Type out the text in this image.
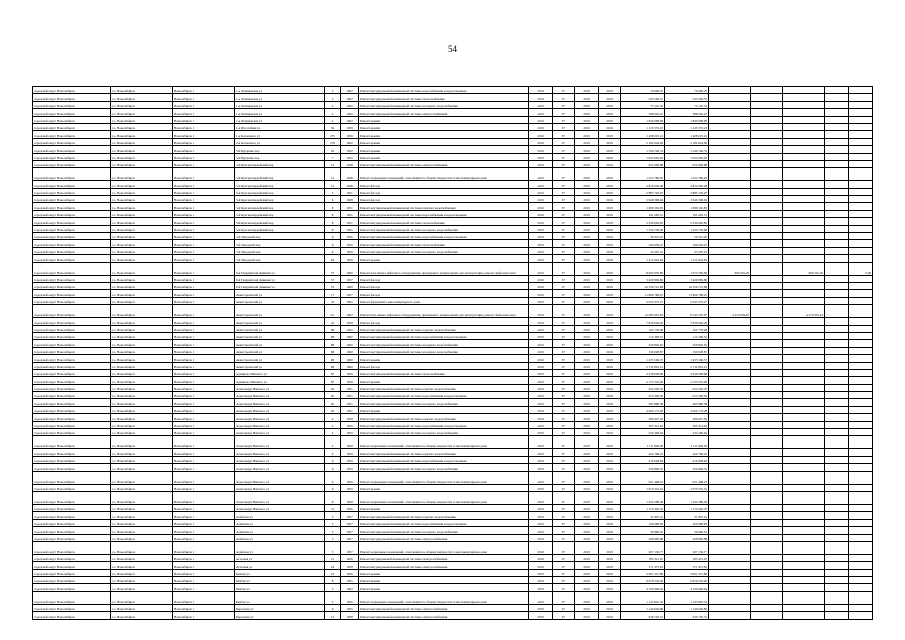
54
городской округ Новосибирск	г.о. Новосибирск	Новосибирск г	1-я Огниковская ул	2	1962	Ремонт внутридомовой инженерной системы водоснабжения и водоотведения	2019	6*	2019	2019	76 090,25	76 090,25					
городской округ Новосибирск	г.о. Новосибирск	Новосибирск г	1-я Огниковская ул	2	1962	Ремонт внутридомовой инженерной системы теплоснабжения	2019	6*	2019	2019	533 584,37	533 584,37					
городской округ Новосибирск	г.о. Новосибирск	Новосибирск г	1-я Огниковская ул	2	1962	Ремонт внутридомовой инженерной системы холодного водоснабжения	2019	6*	2019	2019	73 125,34	73 125,34					
городской округ Новосибирск	г.о. Новосибирск	Новосибирск г	1-я Огниковская ул	2	1962	Ремонт внутридомовой инженерной системы электроснабжения	2019	6*	2019	2019	388 602,47	388 602,47					
городской округ Новосибирск	г.о. Новосибирск	Новосибирск г	1-я Огниковская ул	2	1962	Ремонт крыши	2019	6*	2019	2019	1 840 698,99	1 840 698,99					
городской округ Новосибирск	г.о. Новосибирск	Новосибирск г	1-я Шоссейная ул	36	1959	Ремонт крыши	2019	6*	2019	2019	1 123 555,23	1 123 555,23					
городской округ Новосибирск	г.о. Новосибирск	Новосибирск г	1-я Котовского ул	275	1956	Ремонт крыши	2019	6*	2019	2019	1 408 025,41	1 408 025,41					
городской округ Новосибирск	г.о. Новосибирск	Новосибирск г	2-я Котовского ул	278	1962	Ремонт крыши	2019	6*	2019	2019	2 182 624,00	2 182 624,00					
городской округ Новосибирск	г.о. Новосибирск	Новосибирск г	3-й Бурденко пер	26	1952	Ремонт крыши	2019	6*	2019	2019	1 540 746,74	1 540 746,74					
городской округ Новосибирск	г.о. Новосибирск	Новосибирск г	3-й Бурденко пер	7	1952	Ремонт крыши	2019	6*	2019	2019	1 622 665,93	1 622 665,93					
городской округ Новосибирск	г.о. Новосибирск	Новосибирск г	3-й Красногвардейский пер	12	1948	Ремонт внутридомовой инженерной системы электроснабжения	2019	6*	2019	2019	652 969,88	652 969,88					
городской округ Новосибирск	г.о. Новосибирск	Новосибирск г	3-й Красногвардейский пер	12	1948	Ремонт подвальных помещений, относящихся к общему имуществу в многоквартирном доме	2019	6*	2019	2019	1 223 786,95	1 223 786,95					
городской округ Новосибирск	г.о. Новосибирск	Новосибирск г	3-й Красногвардейский пер	12	1948	Ремонт фасада	2019	6*	2019	2019	4 814 950,48	4 814 950,48					
городской округ Новосибирск	г.о. Новосибирск	Новосибирск г	3-й Красногвардейский пер	5	1951	Ремонт фасада	2019	6*	2019	2019	2 885 726,07	2 885 726,07					
городской округ Новосибирск	г.о. Новосибирск	Новосибирск г	3-й Красногвардейский пер	6	1948	Ремонт фасада	2019	6*	2019	2019	2 949 368,94	2 949 368,94					
городской округ Новосибирск	г.о. Новосибирск	Новосибирск г	3-й Красногвардейский пер	8	1951	Ремонт внутридомовой инженерной системы горячего водоснабжения	2019	6*	2019	2019	1 686 592,85	1 686 592,85					
городской округ Новосибирск	г.о. Новосибирск	Новосибирск г	3-й Красногвардейский пер	8	1951	Ремонт внутридомовой инженерной системы водоснабжения и водоотведения	2019	6*	2019	2019	191 665,51	191 665,51					
городской округ Новосибирск	г.о. Новосибирск	Новосибирск г	3-й Красногвардейский пер	8	1951	Ремонт внутридомовой инженерной системы теплоснабжения	2019	6*	2019	2019	2 236 092,85	2 236 092,85					
городской округ Новосибирск	г.о. Новосибирск	Новосибирск г	3-й Красногвардейский пер	8	1951	Ремонт внутридомовой инженерной системы холодного водоснабжения	2019	6*	2019	2019	1 234 739,90	1 234 739,90					
городской округ Новосибирск	г.о. Новосибирск	Новосибирск г	3-й Заводской пер	6	1956	Ремонт внутридомовой инженерной системы водоснабжения и водоотведения	2019	6*	2019	2019	59 321,45	59 321,45					
городской округ Новосибирск	г.о. Новосибирск	Новосибирск г	3-й Заводской пер	6	1956	Ремонт внутридомовой инженерной системы теплоснабжения	2019	6*	2019	2019	196 056,47	196 056,47					
городской округ Новосибирск	г.о. Новосибирск	Новосибирск г	3-й Заводской пер	6	1956	Ремонт внутридомовой инженерной системы холодного водоснабжения	2019	6*	2019	2019	43 397,41	43 397,41					
городской округ Новосибирск	г.о. Новосибирск	Новосибирск г	3-й Заводской пер	94	1959	Ремонт крыши	2019	6*	2019	2019	1 312 924,94	1 312 924,94					
городской округ Новосибирск	г.о. Новосибирск	Новосибирск г	9-й Гвардейской Дивизии ул	37	1960	Ремонт или замена лифтового оборудования, признанного непригодным для эксплуатации, ремонт лифтовых шахт	2019	6*	2019	2019	8 062 955,80	1 973 784,60	966 591,20		966 591,20		0,00
городской округ Новосибирск	г.о. Новосибирск	Новосибирск г	9-й Гвардейской Дивизии ул	37	1957	Ремонт фасада	2019	6*	2019	2019	3 409 899,80	3 409 899,80					
городской округ Новосибирск	г.о. Новосибирск	Новосибирск г	9-й Гвардейской Дивизии ул	53	1960	Ремонт фасада	2019	6*	2019	2019	16 356 721,68	16 356 721,68					
городской округ Новосибирск	г.о. Новосибирск	Новосибирск г	Авиастроителей ул	17	1957	Ремонт фасада	2019	6*	2019	2019	11 866 780,25	11 866 780,25					
городской округ Новосибирск	г.о. Новосибирск	Новосибирск г	Авиастроителей ул	3а	1962	Ремонт фундамента многоквартирного дома	2019	6*	2019	2019	2 635 373,27	2 635 373,27					
городской округ Новосибирск	г.о. Новосибирск	Новосибирск г	Авиастроителей ул	2/1	1962	Ремонт или замена лифтового оборудования, признанного непригодным для эксплуатации, ремонт лифтовых шахт	2019	6*	2019	2019	12 483 901,83	8 743 370,97	-4 370 935,43		-4 370 935,43		
городской округ Новосибирск	г.о. Новосибирск	Новосибирск г	Авиастроителей ул	3а	1959	Ремонт фасада	2019	6*	2019	2019	7 830 664,20	7 830 664,20					
городской округ Новосибирск	г.о. Новосибирск	Новосибирск г	Авиастроителей ул	98	1952	Ремонт внутридомовой инженерной системы горячего водоснабжения	2019	6*	2019	2019	102 778,00	102 778,00					
городской округ Новосибирск	г.о. Новосибирск	Новосибирск г	Авиастроителей ул	98	1960	Ремонт внутридомовой инженерной системы водоснабжения и водоотведения	2019	6*	2019	2019	112 309,52	112 309,52					
городской округ Новосибирск	г.о. Новосибирск	Новосибирск г	Авиастроителей ул	98	1960	Ремонт внутридомовой инженерной системы холодного водоснабжения	2019	6*	2019	2019	329 802,65	329 802,65					
городской округ Новосибирск	г.о. Новосибирск	Новосибирск г	Авиастроителей ул	98	1960	Ремонт внутридомовой инженерной системы холодного водоснабжения	2019	6*	2019	2019	190 028,87	190 028,87					
городской округ Новосибирск	г.о. Новосибирск	Новосибирск г	Авиастроителей ул	98	1960	Ремонт крыши	2019	6*	2019	2019	1 635 506,37	1 635 506,37					
городской округ Новосибирск	г.о. Новосибирск	Новосибирск г	Авиастроителей ул	98	1960	Ремонт фасада	2019	6*	2019	2019	2 732 801,21	2 732 801,21					
городской округ Новосибирск	г.о. Новосибирск	Новосибирск г	Адмирала Невского ул	87	1959	Ремонт внутридомовой инженерной системы теплоснабжения	2019	6*	2019	2019	4 239 028,90	4 239 028,90					
городской округ Новосибирск	г.о. Новосибирск	Новосибирск г	Адмирала Невского ул	87	1958	Ремонт крыши	2019	6*	2019	2019	2 153 519,00	2 153 519,00					
городской округ Новосибирск	г.о. Новосибирск	Новосибирск г	Александра Невского ул	20	1951	Ремонт внутридомовой инженерной системы горячего водоснабжения	2019	6*	2019	2019	632 205,76	632 205,76					
городской округ Новосибирск	г.о. Новосибирск	Новосибирск г	Александра Невского ул	20	1951	Ремонт внутридомовой инженерной системы водоснабжения и водоотведения	2019	6*	2019	2019	613 328,50	613 328,50					
городской округ Новосибирск	г.о. Новосибирск	Новосибирск г	Александра Невского ул	20	1951	Ремонт внутридомовой инженерной системы холодного водоснабжения	2019	6*	2019	2019	495 886,38	495 886,38					
городской округ Новосибирск	г.о. Новосибирск	Новосибирск г	Александра Невского ул	26	1951	Ремонт крыши	2019	6*	2019	2019	4 066 173,28	4 066 173,28					
городской округ Новосибирск	г.о. Новосибирск	Новосибирск г	Александра Невского ул	4	1959	Ремонт внутридомовой инженерной системы горячего водоснабжения	2019	6*	2019	2019	386 927,93	386 927,93					
городской округ Новосибирск	г.о. Новосибирск	Новосибирск г	Александра Невского ул	4	1959	Ремонт внутридомовой инженерной системы водоснабжения и водоотведения	2019	6*	2019	2019	365 314,62	365 314,62					
городской округ Новосибирск	г.о. Новосибирск	Новосибирск г	Александра Невского ул	4	1959	Ремонт внутридомовой инженерной системы холодного водоснабжения	2019	6*	2019	2019	234 309,64	234 309,64					
городской округ Новосибирск	г.о. Новосибирск	Новосибирск г	Александра Невского ул	4	1959	Ремонт подвальных помещений, относящихся к общему имуществу в многоквартирном доме	2019	6*	2019	2019	1 111 849,38	1 111 849,38					
городской округ Новосибирск	г.о. Новосибирск	Новосибирск г	Александра Невского ул	6	1959	Ремонт внутридомовой инженерной системы горячего водоснабжения	2019	6*	2019	2019	424 768,23	424 768,23					
городской округ Новосибирск	г.о. Новосибирск	Новосибирск г	Александра Невского ул	6	1959	Ремонт внутридомовой инженерной системы водоснабжения и водоотведения	2019	6*	2019	2019	416 628,84	416 628,84					
городской округ Новосибирск	г.о. Новосибирск	Новосибирск г	Александра Невского ул	6	1959	Ремонт внутридомовой инженерной системы холодного водоснабжения	2019	6*	2019	2019	326 869,35	326 869,35					
городской округ Новосибирск	г.о. Новосибирск	Новосибирск г	Александра Невского ул	6	1959	Ремонт подвальных помещений, относящихся к общему имуществу в многоквартирном доме	2019	6*	2019	2019	951 468,23	951 468,23					
городской округ Новосибирск	г.о. Новосибирск	Новосибирск г	Александра Невского ул	6	1959	Ремонт крыши	2019	6*	2019	2019	1 070 332,16	1 070 332,16					
городской округ Новосибирск	г.о. Новосибирск	Новосибирск г	Александра Невского ул	8	1959	Ремонт подвальных помещений, относящихся к общему имуществу в многоквартирном доме	2019	6*	2019	2019	1 342 289,58	1 342 289,58					
городской округ Новосибирск	г.о. Новосибирск	Новосибирск г	Александра Невского ул	31	1956	Ремонт крыши	2019	6*	2019	2019	1 170 462,76	1 170 462,76					
городской округ Новосибирск	г.о. Новосибирск	Новосибирск г	Алейская ул	5	1957	Ремонт внутридомовой инженерной системы горячего водоснабжения	2019	6*	2019	2019	31 807,41	31 807,41					
городской округ Новосибирск	г.о. Новосибирск	Новосибирск г	Алейская ул	5	1957	Ремонт внутридомовой инженерной системы водоснабжения и водоотведения	2019	6*	2019	2019	169 698,93	169 698,93					
городской округ Новосибирск	г.о. Новосибирск	Новосибирск г	Алейская ул	5	1957	Ремонт внутридомовой инженерной системы холодного водоснабжения	2019	6*	2019	2019	36 896,52	36 896,52					
городской округ Новосибирск	г.о. Новосибирск	Новосибирск г	Алейская ул	5	1957	Ремонт внутридомовой инженерной системы электроснабжения	2019	6*	2019	2019	268 885,88	268 885,88					
городской округ Новосибирск	г.о. Новосибирск	Новосибирск г	Алейская ул	5	1957	Ремонт подвальных помещений, относящихся к общему имуществу в многоквартирном доме	2019	6*	2019	2019	297 136,77	297 136,77					
городской округ Новосибирск	г.о. Новосибирск	Новосибирск г	Агатовая ул	21	1956	Ремонт внутридомовой инженерной системы электроснабжения	2019	6*	2019	2019	185 321,07	185 321,07					
городской округ Новосибирск	г.о. Новосибирск	Новосибирск г	Агатовая ул	24	1958	Ремонт внутридомовой инженерной системы электроснабжения	2019	6*	2019	2019	171 475,81	171 475,81					
городской округ Новосибирск	г.о. Новосибирск	Новосибирск г	Бамбая ул	19	1956	Ремонт крыши	2019	6*	2019	2019	2 901 215,80	2 901 215,80					
городской округ Новосибирск	г.о. Новосибирск	Новосибирск г	Бамбая ул	8	1955	Ремонт крыши	2019	6*	2019	2019	6 679 232,46	6 679 232,46					
городской округ Новосибирск	г.о. Новосибирск	Новосибирск г	Бамбая ул	5	1962	Ремонт крыши	2019	6*	2019	2019	4 100 906,94	4 100 906,94					
городской округ Новосибирск	г.о. Новосибирск	Новосибирск г	Бамбая ул	5	1956	Ремонт подвальных помещений, относящихся к общему имуществу в многоквартирном доме	2019	6*	2019	2019	1 145 845,34	1 145 845,34					
городской округ Новосибирск	г.о. Новосибирск	Новосибирск г	Березовая ул	6	1955	Ремонт внутридомовой инженерной системы электроснабжения	2019	6*	2019	2019	1 140 649,80	1 140 649,80					
городской округ Новосибирск	г.о. Новосибирск	Новосибирск г	Березовая ул	12	1958	Ремонт внутридомовой инженерной системы электроснабжения	2019	6*	2019	2019	636 702,31	636 702,31					
